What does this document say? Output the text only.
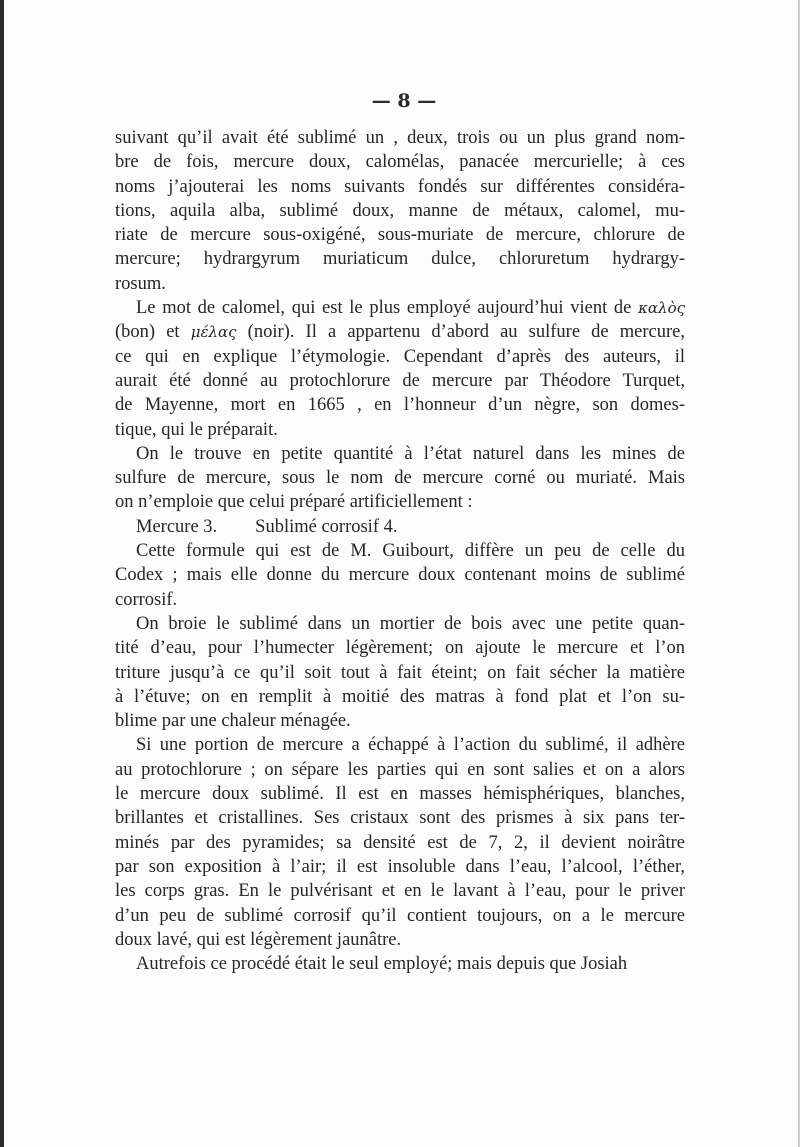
— 8 —
suivant qu’il avait été sublimé un , deux, trois ou un plus grand nom-
bre de fois, mercure doux, calomélas, panacée mercurielle; à ces
noms j’ajouterai les noms suivants fondés sur différentes considéra-
tions, aquila alba, sublimé doux, manne de métaux, calomel, mu-
riate de mercure sous-oxigéné, sous-muriate de mercure, chlorure de
mercure; hydrargyrum muriaticum dulce, chloruretum hydrargy-
rosum.
Le mot de calomel, qui est le plus employé aujourd’hui vient de καλὸς
(bon) et μέλας (noir). Il a appartenu d’abord au sulfure de mercure,
ce qui en explique l’étymologie. Cependant d’après des auteurs, il
aurait été donné au protochlorure de mercure par Théodore Turquet,
de Mayenne, mort en 1665 , en l’honneur d’un nègre, son domes-
tique, qui le préparait.
On le trouve en petite quantité à l’état naturel dans les mines de
sulfure de mercure, sous le nom de mercure corné ou muriaté. Mais
on n’emploie que celui préparé artificiellement :
Mercure 3. Sublimé corrosif 4.
Cette formule qui est de M. Guibourt, diffère un peu de celle du
Codex ; mais elle donne du mercure doux contenant moins de sublimé
corrosif.
On broie le sublimé dans un mortier de bois avec une petite quan-
tité d’eau, pour l’humecter légèrement; on ajoute le mercure et l’on
triture jusqu’à ce qu’il soit tout à fait éteint; on fait sécher la matière
à l’étuve; on en remplit à moitié des matras à fond plat et l’on su-
blime par une chaleur ménagée.
Si une portion de mercure a échappé à l’action du sublimé, il adhère
au protochlorure ; on sépare les parties qui en sont salies et on a alors
le mercure doux sublimé. Il est en masses hémisphériques, blanches,
brillantes et cristallines. Ses cristaux sont des prismes à six pans ter-
minés par des pyramides; sa densité est de 7, 2, il devient noirâtre
par son exposition à l’air; il est insoluble dans l’eau, l’alcool, l’éther,
les corps gras. En le pulvérisant et en le lavant à l’eau, pour le priver
d’un peu de sublimé corrosif qu’il contient toujours, on a le mercure
doux lavé, qui est légèrement jaunâtre.
Autrefois ce procédé était le seul employé; mais depuis que Josiah
